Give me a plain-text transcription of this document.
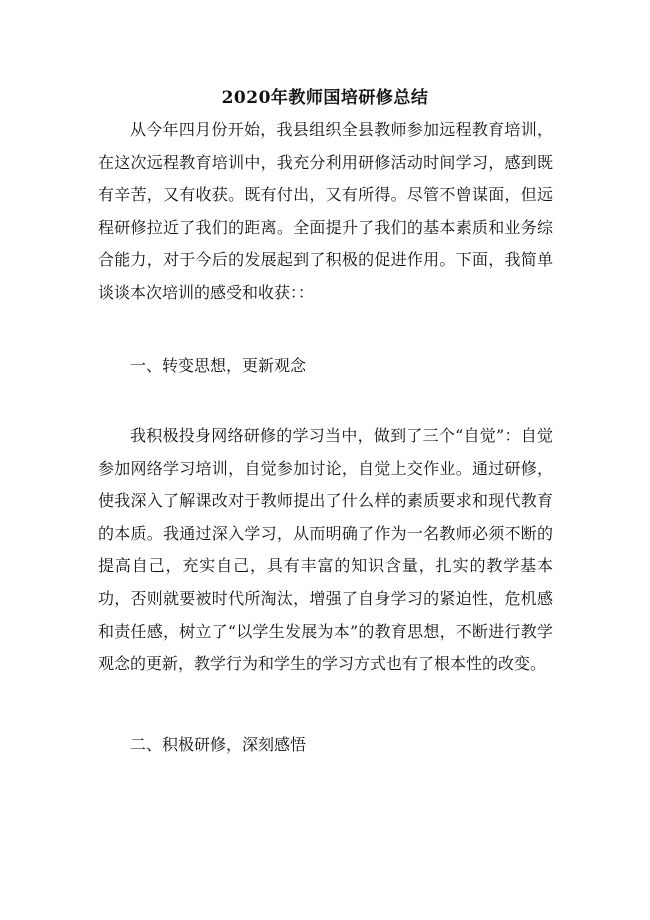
2020年教师国培研修总结

从今年四月份开始，我县组织全县教师参加远程教育培训，在这次远程教育培训中，我充分利用研修活动时间学习，感到既有辛苦，又有收获。既有付出，又有所得。尽管不曾谋面，但远程研修拉近了我们的距离。全面提升了我们的基本素质和业务综合能力，对于今后的发展起到了积极的促进作用。下面，我简单谈谈本次培训的感受和收获：：

一、转变思想，更新观念

我积极投身网络研修的学习当中，做到了三个“自觉”：自觉参加网络学习培训，自觉参加讨论，自觉上交作业。通过研修，使我深入了解课改对于教师提出了什么样的素质要求和现代教育的本质。我通过深入学习，从而明确了作为一名教师必须不断的提高自己，充实自己，具有丰富的知识含量，扎实的教学基本功，否则就要被时代所淘汰，增强了自身学习的紧迫性，危机感和责任感，树立了“以学生发展为本”的教育思想，不断进行教学观念的更新，教学行为和学生的学习方式也有了根本性的改变。

二、积极研修，深刻感悟
